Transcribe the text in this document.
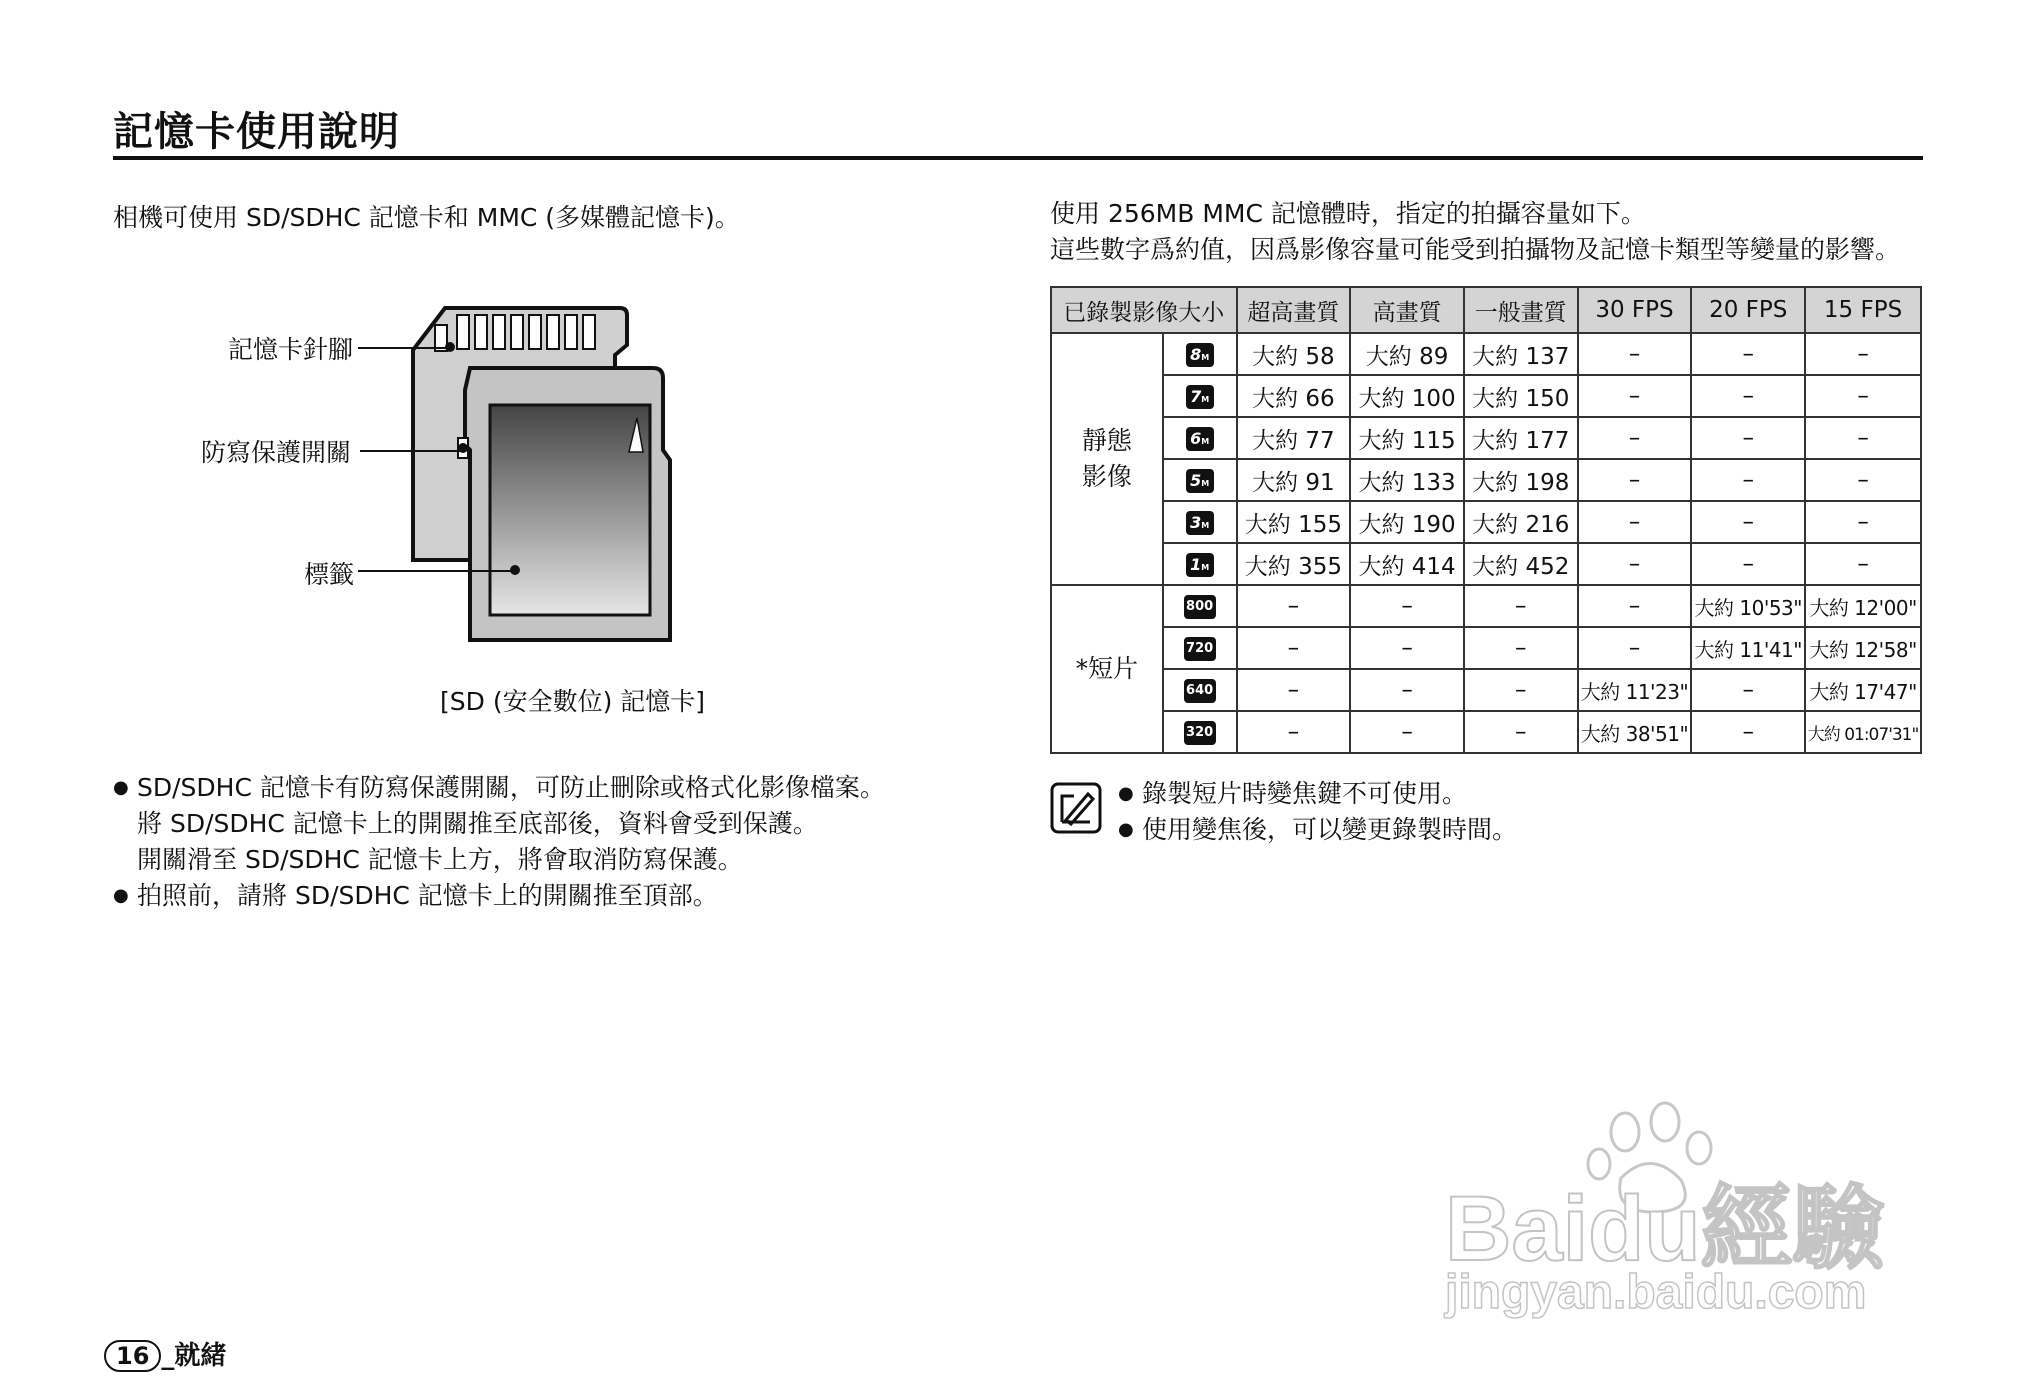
記憶卡使用說明
相機可使用 SD/SDHC 記憶卡和 MMC (多媒體記憶卡)。
記憶卡針腳
防寫保護開關
標籤
[SD (安全數位) 記憶卡]
● SD/SDHC 記憶卡有防寫保護開關，可防止刪除或格式化影像檔案。
將 SD/SDHC 記憶卡上的開關推至底部後，資料會受到保護。
開關滑至 SD/SDHC 記憶卡上方，將會取消防寫保護。
● 拍照前，請將 SD/SDHC 記憶卡上的開關推至頂部。
使用 256MB MMC 記憶體時，指定的拍攝容量如下。
這些數字爲約值，因爲影像容量可能受到拍攝物及記憶卡類型等變量的影響。
已錄製影像大小		超高畫質	高畫質	一般畫質	30 FPS	20 FPS	15 FPS
靜態影像	8M	大約 58	大約 89	大約 137	–	–	–
	7M	大約 66	大約 100	大約 150	–	–	–
	6M	大約 77	大約 115	大約 177	–	–	–
	5M	大約 91	大約 133	大約 198	–	–	–
	3M	大約 155	大約 190	大約 216	–	–	–
	1M	大約 355	大約 414	大約 452	–	–	–
*短片	800	–	–	–	–	大約 10'53"	大約 12'00"
	720	–	–	–	–	大約 11'41"	大約 12'58"
	640	–	–	–	大約 11'23"	–	大約 17'47"
	320	–	–	–	大約 38'51"	–	大約 01:07'31"
● 錄製短片時變焦鍵不可使用。
● 使用變焦後，可以變更錄製時間。
16 _就緒
Baidu經驗
jingyan.baidu.com
